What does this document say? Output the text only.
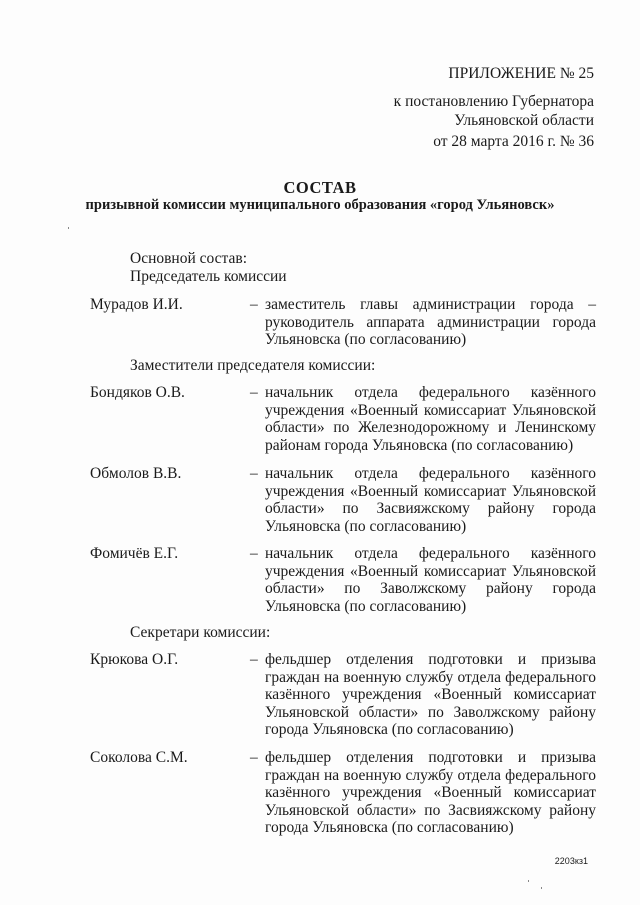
ПРИЛОЖЕНИЕ № 25
к постановлению Губернатора Ульяновской области
от 28 марта 2016 г. № 36
СОСТАВ
призывной комиссии муниципального образования «город Ульяновск»
Основной состав:
Председатель комиссии
Мурадов И.И.	– заместитель главы администрации города – руководитель аппарата администрации города Ульяновска (по согласованию)
Заместители председателя комиссии:
Бондяков О.В.	– начальник отдела федерального казённого учреждения «Военный комиссариат Ульяновской области» по Железнодорожному и Ленинскому районам города Ульяновска (по согласованию)
Обмолов В.В.	– начальник отдела федерального казённого учреждения «Военный комиссариат Ульяновской области» по Засвияжскому району города Ульяновска (по согласованию)
Фомичёв Е.Г.	– начальник отдела федерального казённого учреждения «Военный комиссариат Ульяновской области» по Заволжскому району города Ульяновска (по согласованию)
Секретари комиссии:
Крюкова О.Г.	– фельдшер отделения подготовки и призыва граждан на военную службу отдела федерального казённого учреждения «Военный комиссариат Ульяновской области» по Заволжскому району города Ульяновска (по согласованию)
Соколова С.М.	– фельдшер отделения подготовки и призыва граждан на военную службу отдела федерального казённого учреждения «Военный комиссариат Ульяновской области» по Засвияжскому району города Ульяновска (по согласованию)
2203кз1
